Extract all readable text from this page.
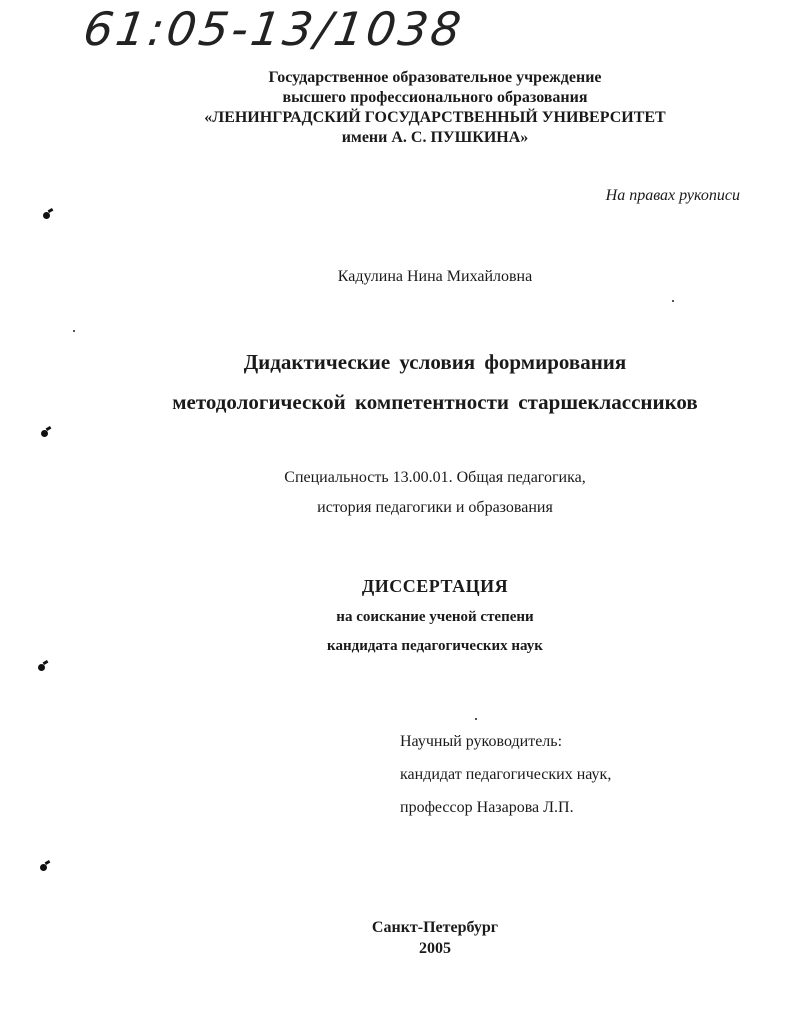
61:05-13/1038
Государственное образовательное учреждение
высшего профессионального образования
«ЛЕНИНГРАДСКИЙ ГОСУДАРСТВЕННЫЙ УНИВЕРСИТЕТ
имени А. С. ПУШКИНА»
На правах рукописи
Кадулина Нина Михайловна
Дидактические условия формирования
методологической компетентности старшеклассников
Специальность 13.00.01. Общая педагогика,
история педагогики и образования
ДИССЕРТАЦИЯ
на соискание ученой степени
кандидата педагогических наук
Научный руководитель:
кандидат педагогических наук,
профессор Назарова Л.П.
Санкт-Петербург
2005
